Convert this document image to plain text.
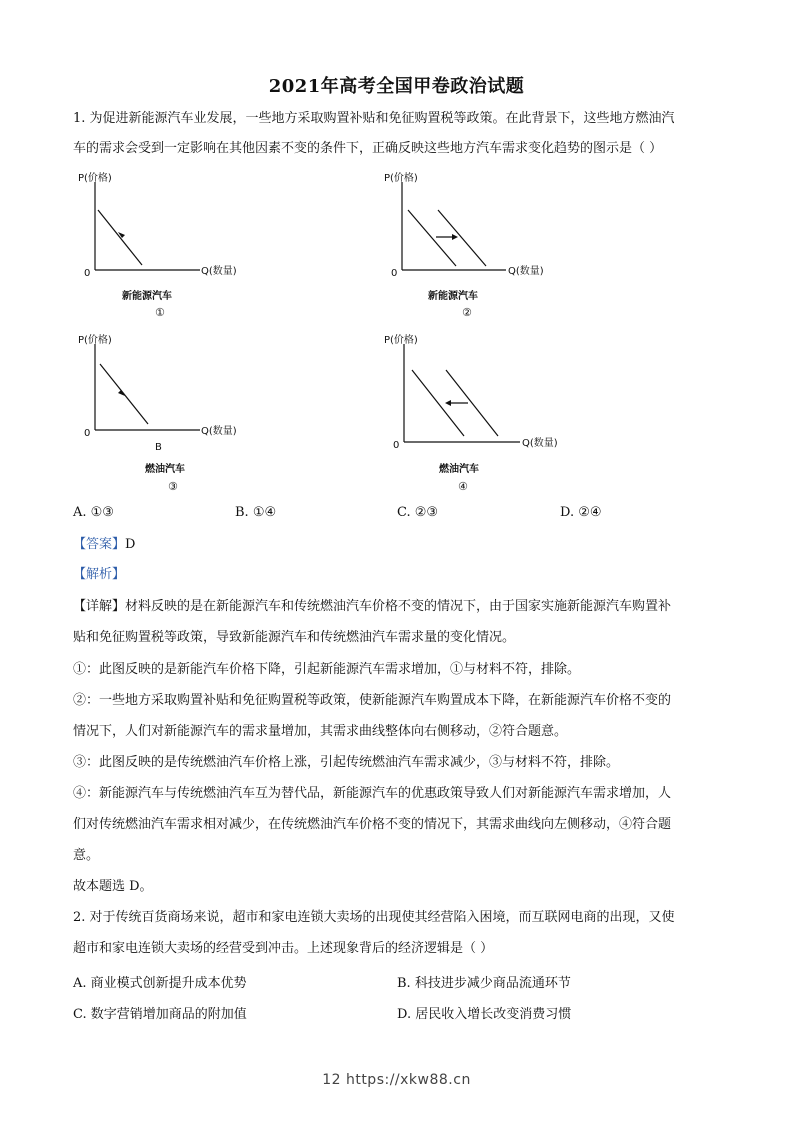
2021年高考全国甲卷政治试题
1. 为促进新能源汽车业发展，一些地方采取购置补贴和免征购置税等政策。在此背景下，这些地方燃油汽
车的需求会受到一定影响在其他因素不变的条件下，正确反映这些地方汽车需求变化趋势的图示是（ ）
P(价格)
Q(数量)
0
新能源汽车
①
P(价格)
Q(数量)
0
新能源汽车
②
P(价格)
Q(数量)
0
B
燃油汽车
③
P(价格)
Q(数量)
0
燃油汽车
④
A. ①③	B. ①④	C. ②③	D. ②④
【答案】D
【解析】
【详解】材料反映的是在新能源汽车和传统燃油汽车价格不变的情况下，由于国家实施新能源汽车购置补
贴和免征购置税等政策，导致新能源汽车和传统燃油汽车需求量的变化情况。
①：此图反映的是新能汽车价格下降，引起新能源汽车需求增加，①与材料不符，排除。
②：一些地方采取购置补贴和免征购置税等政策，使新能源汽车购置成本下降，在新能源汽车价格不变的
情况下，人们对新能源汽车的需求量增加，其需求曲线整体向右侧移动，②符合题意。
③：此图反映的是传统燃油汽车价格上涨，引起传统燃油汽车需求减少，③与材料不符，排除。
④：新能源汽车与传统燃油汽车互为替代品，新能源汽车的优惠政策导致人们对新能源汽车需求增加，人
们对传统燃油汽车需求相对减少，在传统燃油汽车价格不变的情况下，其需求曲线向左侧移动，④符合题
意。
故本题选 D。
2. 对于传统百货商场来说，超市和家电连锁大卖场的出现使其经营陷入困境，而互联网电商的出现，又使
超市和家电连锁大卖场的经营受到冲击。上述现象背后的经济逻辑是（ ）
A. 商业模式创新提升成本优势	B. 科技进步减少商品流通环节
C. 数字营销增加商品的附加值	D. 居民收入增长改变消费习惯
12 https://xkw88.cn
